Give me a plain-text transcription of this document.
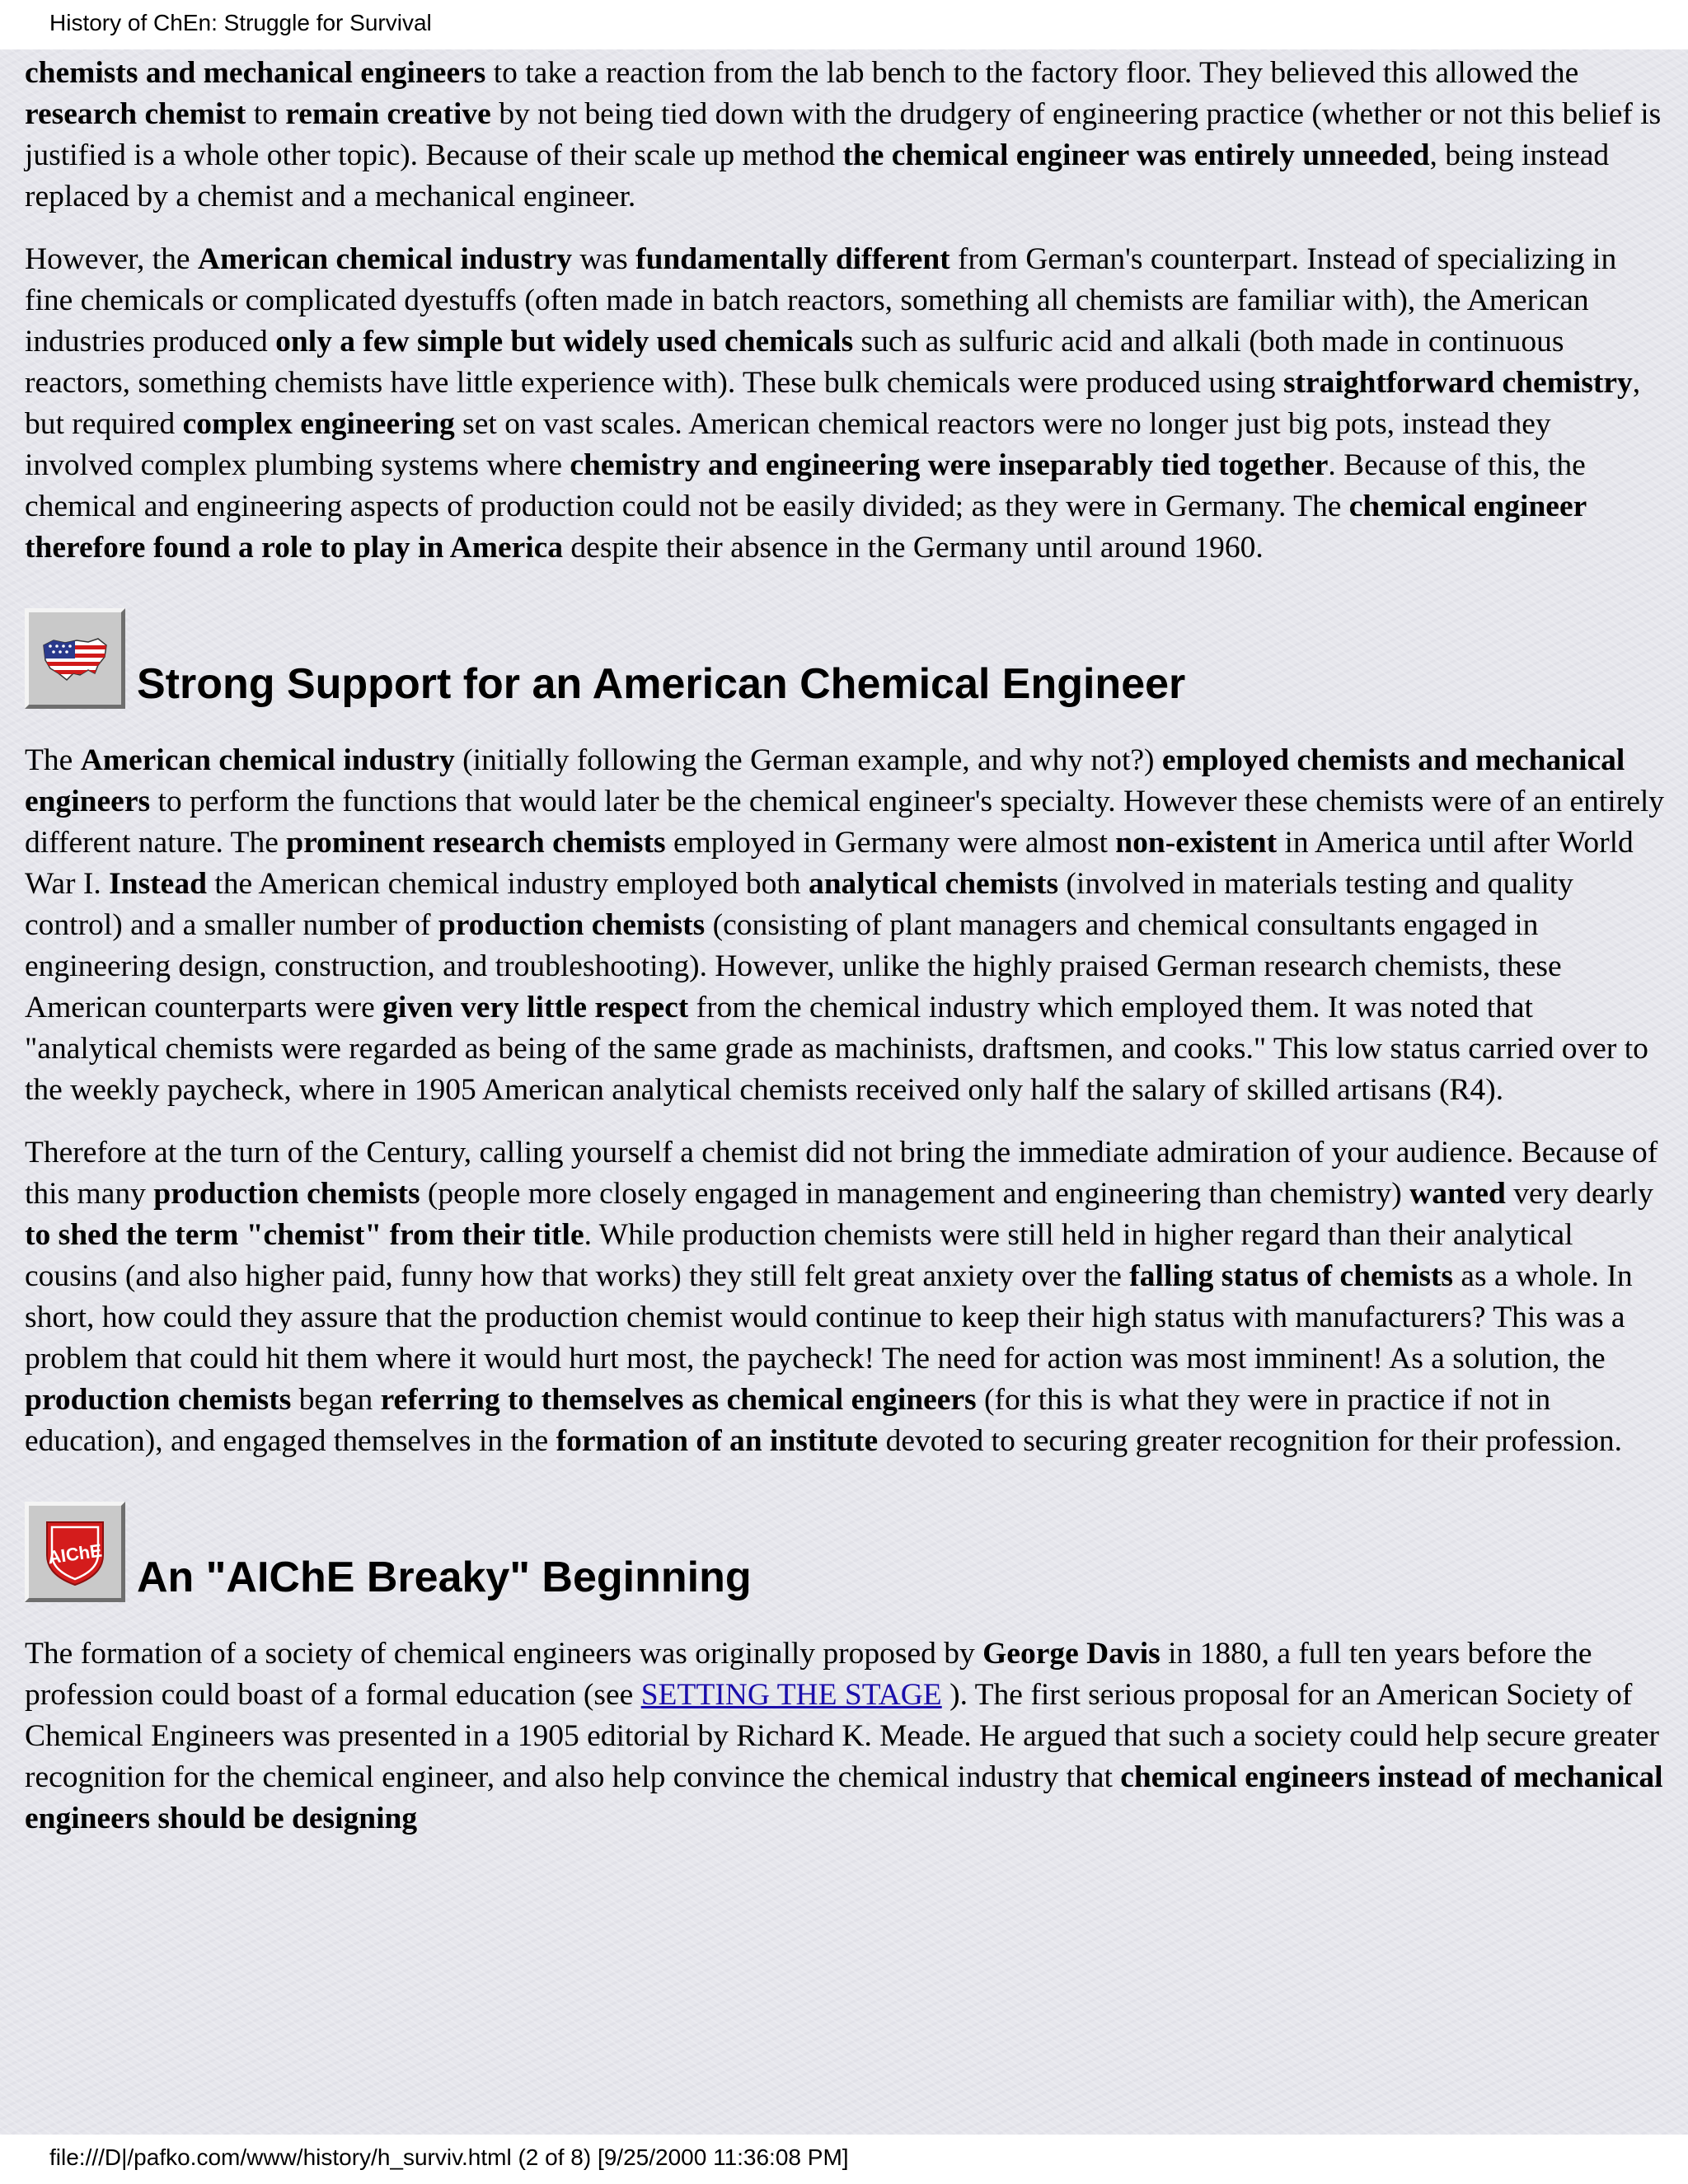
History of ChEn: Struggle for Survival

chemists and mechanical engineers to take a reaction from the lab bench to the factory floor. They believed this allowed the research chemist to remain creative by not being tied down with the drudgery of engineering practice (whether or not this belief is justified is a whole other topic). Because of their scale up method the chemical engineer was entirely unneeded, being instead replaced by a chemist and a mechanical engineer.

However, the American chemical industry was fundamentally different from German's counterpart. Instead of specializing in fine chemicals or complicated dyestuffs (often made in batch reactors, something all chemists are familiar with), the American industries produced only a few simple but widely used chemicals such as sulfuric acid and alkali (both made in continuous reactors, something chemists have little experience with). These bulk chemicals were produced using straightforward chemistry, but required complex engineering set on vast scales. American chemical reactors were no longer just big pots, instead they involved complex plumbing systems where chemistry and engineering were inseparably tied together. Because of this, the chemical and engineering aspects of production could not be easily divided; as they were in Germany. The chemical engineer therefore found a role to play in America despite their absence in the Germany until around 1960.

Strong Support for an American Chemical Engineer

The American chemical industry (initially following the German example, and why not?) employed chemists and mechanical engineers to perform the functions that would later be the chemical engineer's specialty. However these chemists were of an entirely different nature. The prominent research chemists employed in Germany were almost non-existent in America until after World War I. Instead the American chemical industry employed both analytical chemists (involved in materials testing and quality control) and a smaller number of production chemists (consisting of plant managers and chemical consultants engaged in engineering design, construction, and troubleshooting). However, unlike the highly praised German research chemists, these American counterparts were given very little respect from the chemical industry which employed them. It was noted that "analytical chemists were regarded as being of the same grade as machinists, draftsmen, and cooks." This low status carried over to the weekly paycheck, where in 1905 American analytical chemists received only half the salary of skilled artisans (R4).

Therefore at the turn of the Century, calling yourself a chemist did not bring the immediate admiration of your audience. Because of this many production chemists (people more closely engaged in management and engineering than chemistry) wanted very dearly to shed the term "chemist" from their title. While production chemists were still held in higher regard than their analytical cousins (and also higher paid, funny how that works) they still felt great anxiety over the falling status of chemists as a whole. In short, how could they assure that the production chemist would continue to keep their high status with manufacturers? This was a problem that could hit them where it would hurt most, the paycheck! The need for action was most imminent! As a solution, the production chemists began referring to themselves as chemical engineers (for this is what they were in practice if not in education), and engaged themselves in the formation of an institute devoted to securing greater recognition for their profession.

AIChE An "AIChE Breaky" Beginning

The formation of a society of chemical engineers was originally proposed by George Davis in 1880, a full ten years before the profession could boast of a formal education (see SETTING THE STAGE ). The first serious proposal for an American Society of Chemical Engineers was presented in a 1905 editorial by Richard K. Meade. He argued that such a society could help secure greater recognition for the chemical engineer, and also help convince the chemical industry that chemical engineers instead of mechanical engineers should be designing

file:///D|/pafko.com/www/history/h_surviv.html (2 of 8) [9/25/2000 11:36:08 PM]
